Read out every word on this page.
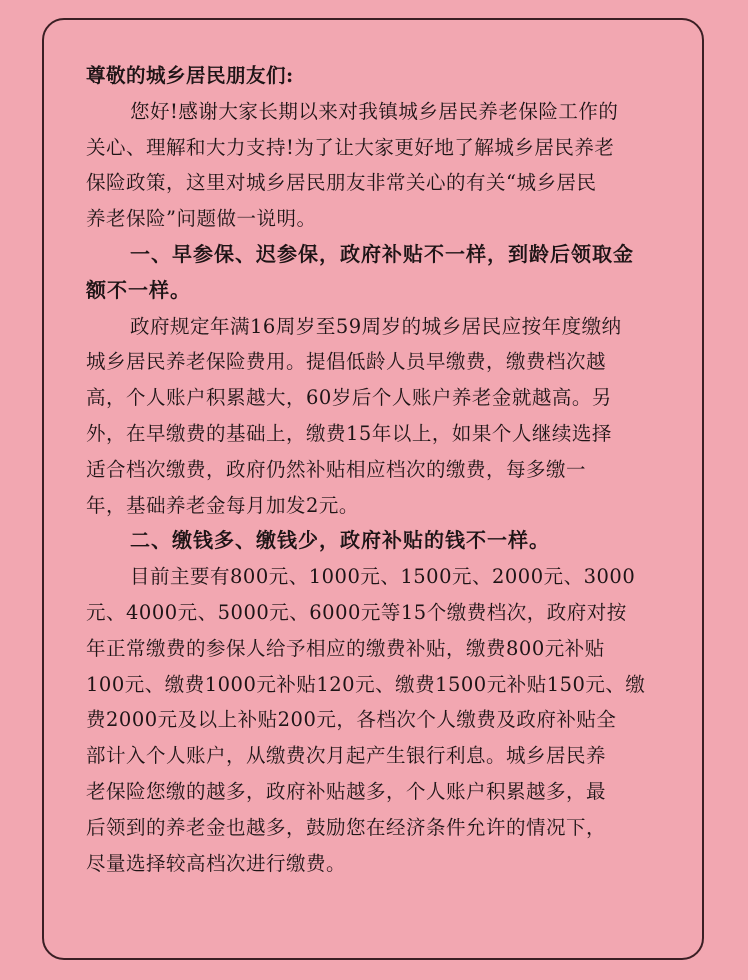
尊敬的城乡居民朋友们:
您好!感谢大家长期以来对我镇城乡居民养老保险工作的
关心、理解和大力支持!为了让大家更好地了解城乡居民养老
保险政策，这里对城乡居民朋友非常关心的有关“城乡居民
养老保险”问题做一说明。
一、早参保、迟参保，政府补贴不一样，到龄后领取金
额不一样。
政府规定年满16周岁至59周岁的城乡居民应按年度缴纳
城乡居民养老保险费用。提倡低龄人员早缴费，缴费档次越
高，个人账户积累越大，60岁后个人账户养老金就越高。另
外，在早缴费的基础上，缴费15年以上，如果个人继续选择
适合档次缴费，政府仍然补贴相应档次的缴费，每多缴一
年，基础养老金每月加发2元。
二、缴钱多、缴钱少，政府补贴的钱不一样。
目前主要有800元、1000元、1500元、2000元、3000
元、4000元、5000元、6000元等15个缴费档次，政府对按
年正常缴费的参保人给予相应的缴费补贴，缴费800元补贴
100元、缴费1000元补贴120元、缴费1500元补贴150元、缴
费2000元及以上补贴200元，各档次个人缴费及政府补贴全
部计入个人账户，从缴费次月起产生银行利息。城乡居民养
老保险您缴的越多，政府补贴越多，个人账户积累越多，最
后领到的养老金也越多，鼓励您在经济条件允许的情况下，
尽量选择较高档次进行缴费。
